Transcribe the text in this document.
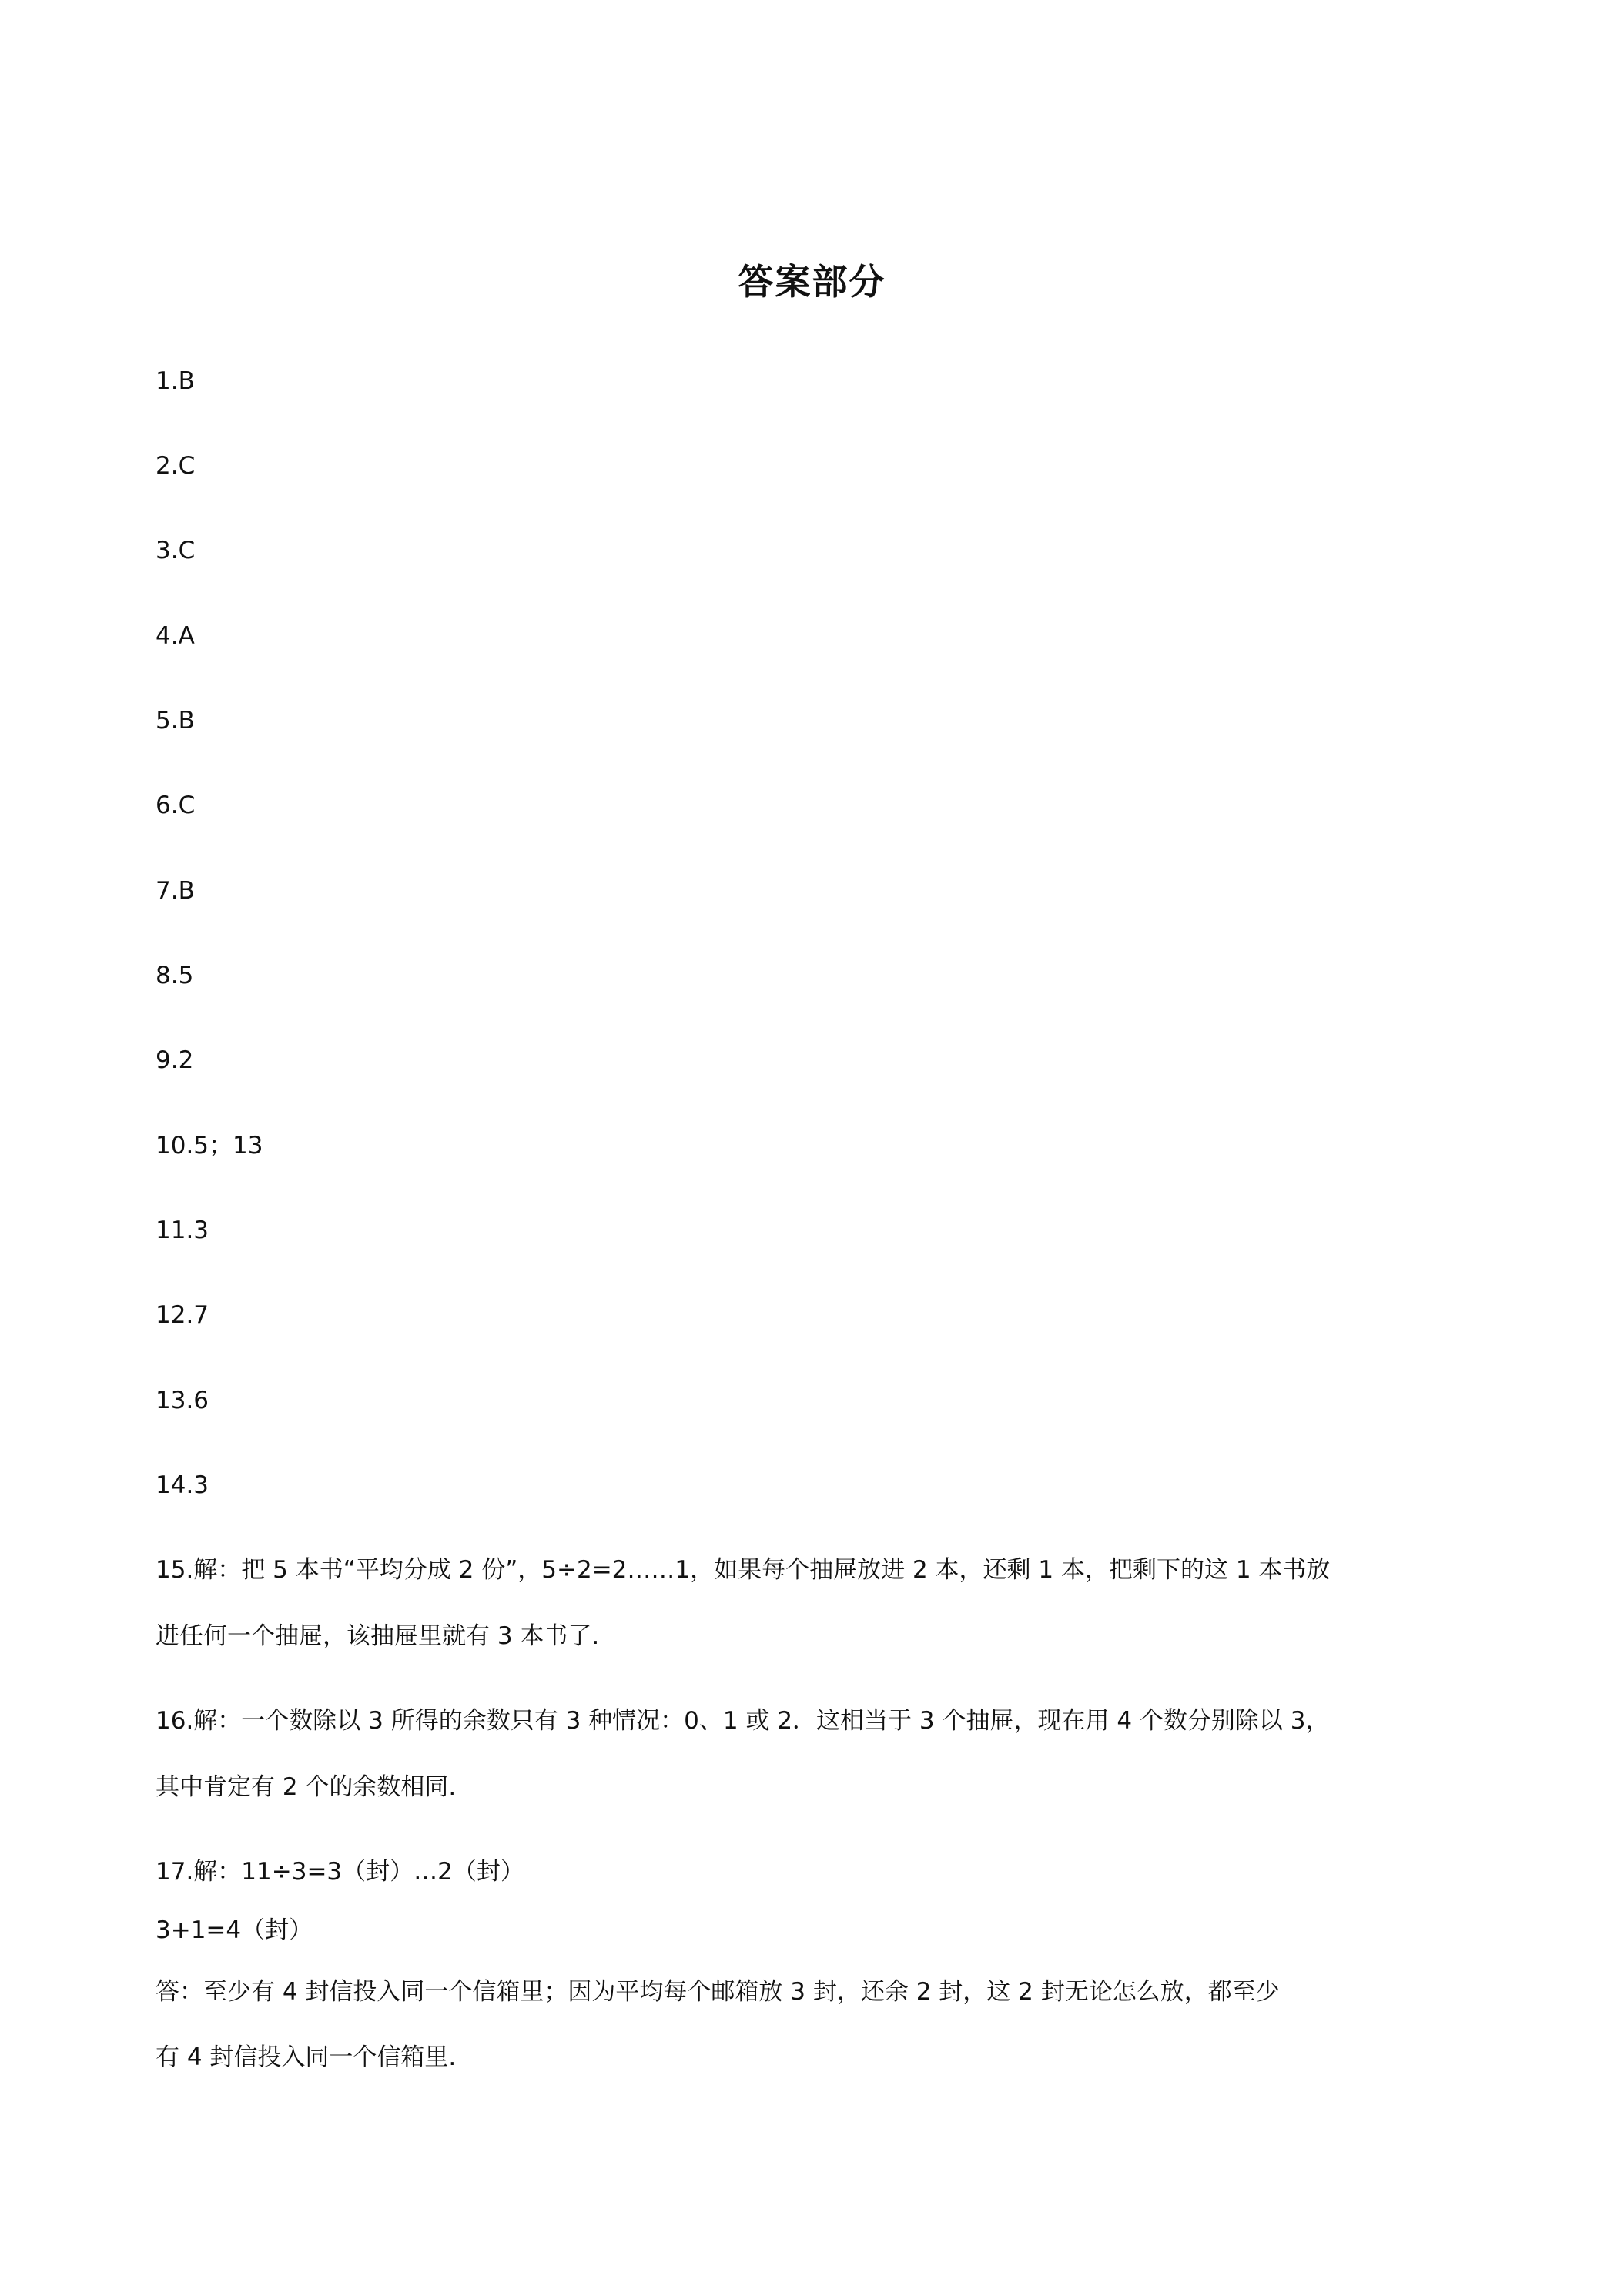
答案部分
1.B
2.C
3.C
4.A
5.B
6.C
7.B
8.5
9.2
10.5；13
11.3
12.7
13.6
14.3
15.解：把 5 本书“平均分成 2 份”，5÷2=2……1，如果每个抽屉放进 2 本，还剩 1 本，把剩下的这 1 本书放
进任何一个抽屉，该抽屉里就有 3 本书了.
16.解：一个数除以 3 所得的余数只有 3 种情况：0、1 或 2．这相当于 3 个抽屉，现在用 4 个数分别除以 3，
其中肯定有 2 个的余数相同.
17.解：11÷3=3（封）…2（封）
3+1=4（封）
答：至少有 4 封信投入同一个信箱里；因为平均每个邮箱放 3 封，还余 2 封，这 2 封无论怎么放，都至少
有 4 封信投入同一个信箱里.
